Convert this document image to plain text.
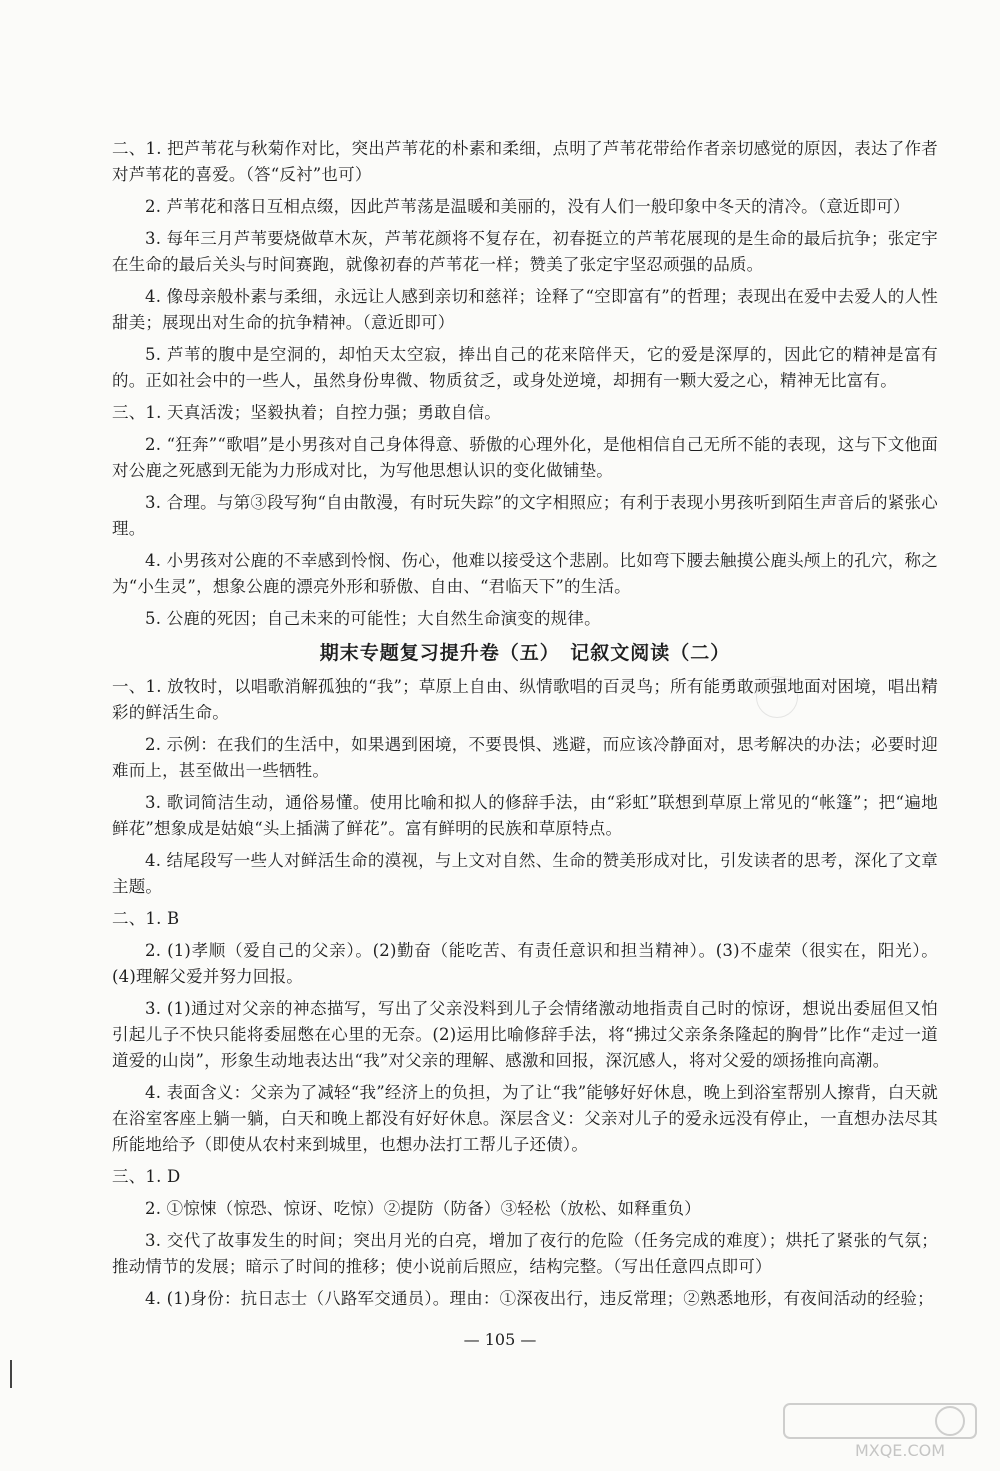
二、1. 把芦苇花与秋菊作对比，突出芦苇花的朴素和柔细，点明了芦苇花带给作者亲切感觉的原因，表达了作者对芦苇花的喜爱。（答“反衬”也可）

2. 芦苇花和落日互相点缀，因此芦苇荡是温暖和美丽的，没有人们一般印象中冬天的清冷。（意近即可）

3. 每年三月芦苇要烧做草木灰，芦苇花颜将不复存在，初春挺立的芦苇花展现的是生命的最后抗争；张定宇在生命的最后关头与时间赛跑，就像初春的芦苇花一样；赞美了张定宇坚忍顽强的品质。

4. 像母亲般朴素与柔细，永远让人感到亲切和慈祥；诠释了“空即富有”的哲理；表现出在爱中去爱人的人性甜美；展现出对生命的抗争精神。（意近即可）

5. 芦苇的腹中是空洞的，却怕天太空寂，捧出自己的花来陪伴天，它的爱是深厚的，因此它的精神是富有的。正如社会中的一些人，虽然身份卑微、物质贫乏，或身处逆境，却拥有一颗大爱之心，精神无比富有。

三、1. 天真活泼；坚毅执着；自控力强；勇敢自信。

2. “狂奔”“歌唱”是小男孩对自己身体得意、骄傲的心理外化，是他相信自己无所不能的表现，这与下文他面对公鹿之死感到无能为力形成对比，为写他思想认识的变化做铺垫。

3. 合理。与第③段写狗“自由散漫，有时玩失踪”的文字相照应；有利于表现小男孩听到陌生声音后的紧张心理。

4. 小男孩对公鹿的不幸感到怜悯、伤心，他难以接受这个悲剧。比如弯下腰去触摸公鹿头颅上的孔穴，称之为“小生灵”，想象公鹿的漂亮外形和骄傲、自由、“君临天下”的生活。

5. 公鹿的死因；自己未来的可能性；大自然生命演变的规律。

期末专题复习提升卷（五）　记叙文阅读（二）

一、1. 放牧时，以唱歌消解孤独的“我”；草原上自由、纵情歌唱的百灵鸟；所有能勇敢顽强地面对困境，唱出精彩的鲜活生命。

2. 示例：在我们的生活中，如果遇到困境，不要畏惧、逃避，而应该冷静面对，思考解决的办法；必要时迎难而上，甚至做出一些牺牲。

3. 歌词简洁生动，通俗易懂。使用比喻和拟人的修辞手法，由“彩虹”联想到草原上常见的“帐篷”；把“遍地鲜花”想象成是姑娘“头上插满了鲜花”。富有鲜明的民族和草原特点。

4. 结尾段写一些人对鲜活生命的漠视，与上文对自然、生命的赞美形成对比，引发读者的思考，深化了文章主题。

二、1. B

2. (1)孝顺（爱自己的父亲）。(2)勤奋（能吃苦、有责任意识和担当精神）。(3)不虚荣（很实在，阳光）。(4)理解父爱并努力回报。

3. (1)通过对父亲的神态描写，写出了父亲没料到儿子会情绪激动地指责自己时的惊讶，想说出委屈但又怕引起儿子不快只能将委屈憋在心里的无奈。(2)运用比喻修辞手法，将“拂过父亲条条隆起的胸骨”比作“走过一道道爱的山岗”，形象生动地表达出“我”对父亲的理解、感激和回报，深沉感人，将对父爱的颂扬推向高潮。

4. 表面含义：父亲为了减轻“我”经济上的负担，为了让“我”能够好好休息，晚上到浴室帮别人擦背，白天就在浴室客座上躺一躺，白天和晚上都没有好好休息。深层含义：父亲对儿子的爱永远没有停止，一直想办法尽其所能地给予（即使从农村来到城里，也想办法打工帮儿子还债）。

三、1. D

2. ①惊悚（惊恐、惊讶、吃惊）②提防（防备）③轻松（放松、如释重负）

3. 交代了故事发生的时间；突出月光的白亮，增加了夜行的危险（任务完成的难度）；烘托了紧张的气氛；推动情节的发展；暗示了时间的推移；使小说前后照应，结构完整。（写出任意四点即可）

4. (1)身份：抗日志士（八路军交通员）。理由：①深夜出行，违反常理；②熟悉地形，有夜间活动的经验；

— 105 —
MXQE.COM
